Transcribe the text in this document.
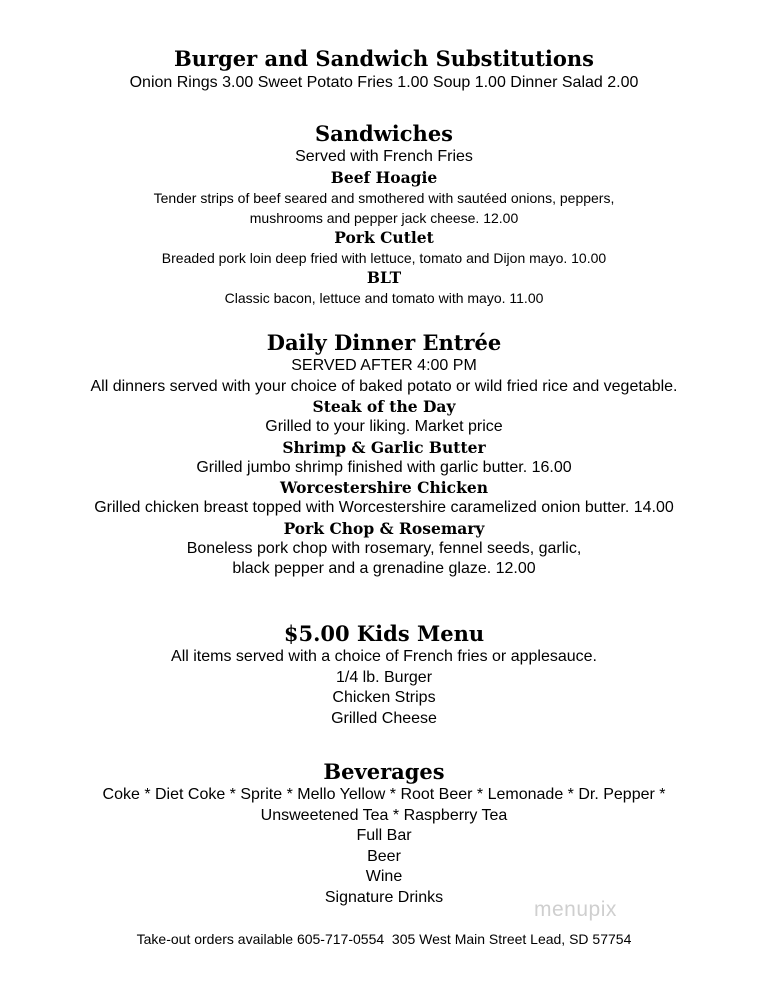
Burger and Sandwich Substitutions
Onion Rings 3.00 Sweet Potato Fries 1.00 Soup 1.00 Dinner Salad 2.00
Sandwiches
Served with French Fries
Beef Hoagie
Tender strips of beef seared and smothered with sautéed onions, peppers,
mushrooms and pepper jack cheese. 12.00
Pork Cutlet
Breaded pork loin deep fried with lettuce, tomato and Dijon mayo. 10.00
BLT
Classic bacon, lettuce and tomato with mayo. 11.00
Daily Dinner Entrée
SERVED AFTER 4:00 PM
All dinners served with your choice of baked potato or wild fried rice and vegetable.
Steak of the Day
Grilled to your liking. Market price
Shrimp & Garlic Butter
Grilled jumbo shrimp finished with garlic butter. 16.00
Worcestershire Chicken
Grilled chicken breast topped with Worcestershire caramelized onion butter. 14.00
Pork Chop & Rosemary
Boneless pork chop with rosemary, fennel seeds, garlic,
black pepper and a grenadine glaze. 12.00
$5.00 Kids Menu
All items served with a choice of French fries or applesauce.
1/4 lb. Burger
Chicken Strips
Grilled Cheese
Beverages
Coke * Diet Coke * Sprite * Mello Yellow * Root Beer * Lemonade * Dr. Pepper *
Unsweetened Tea * Raspberry Tea
Full Bar
Beer
Wine
Signature Drinks
menupix
Take-out orders available 605-717-0554  305 West Main Street Lead, SD 57754
